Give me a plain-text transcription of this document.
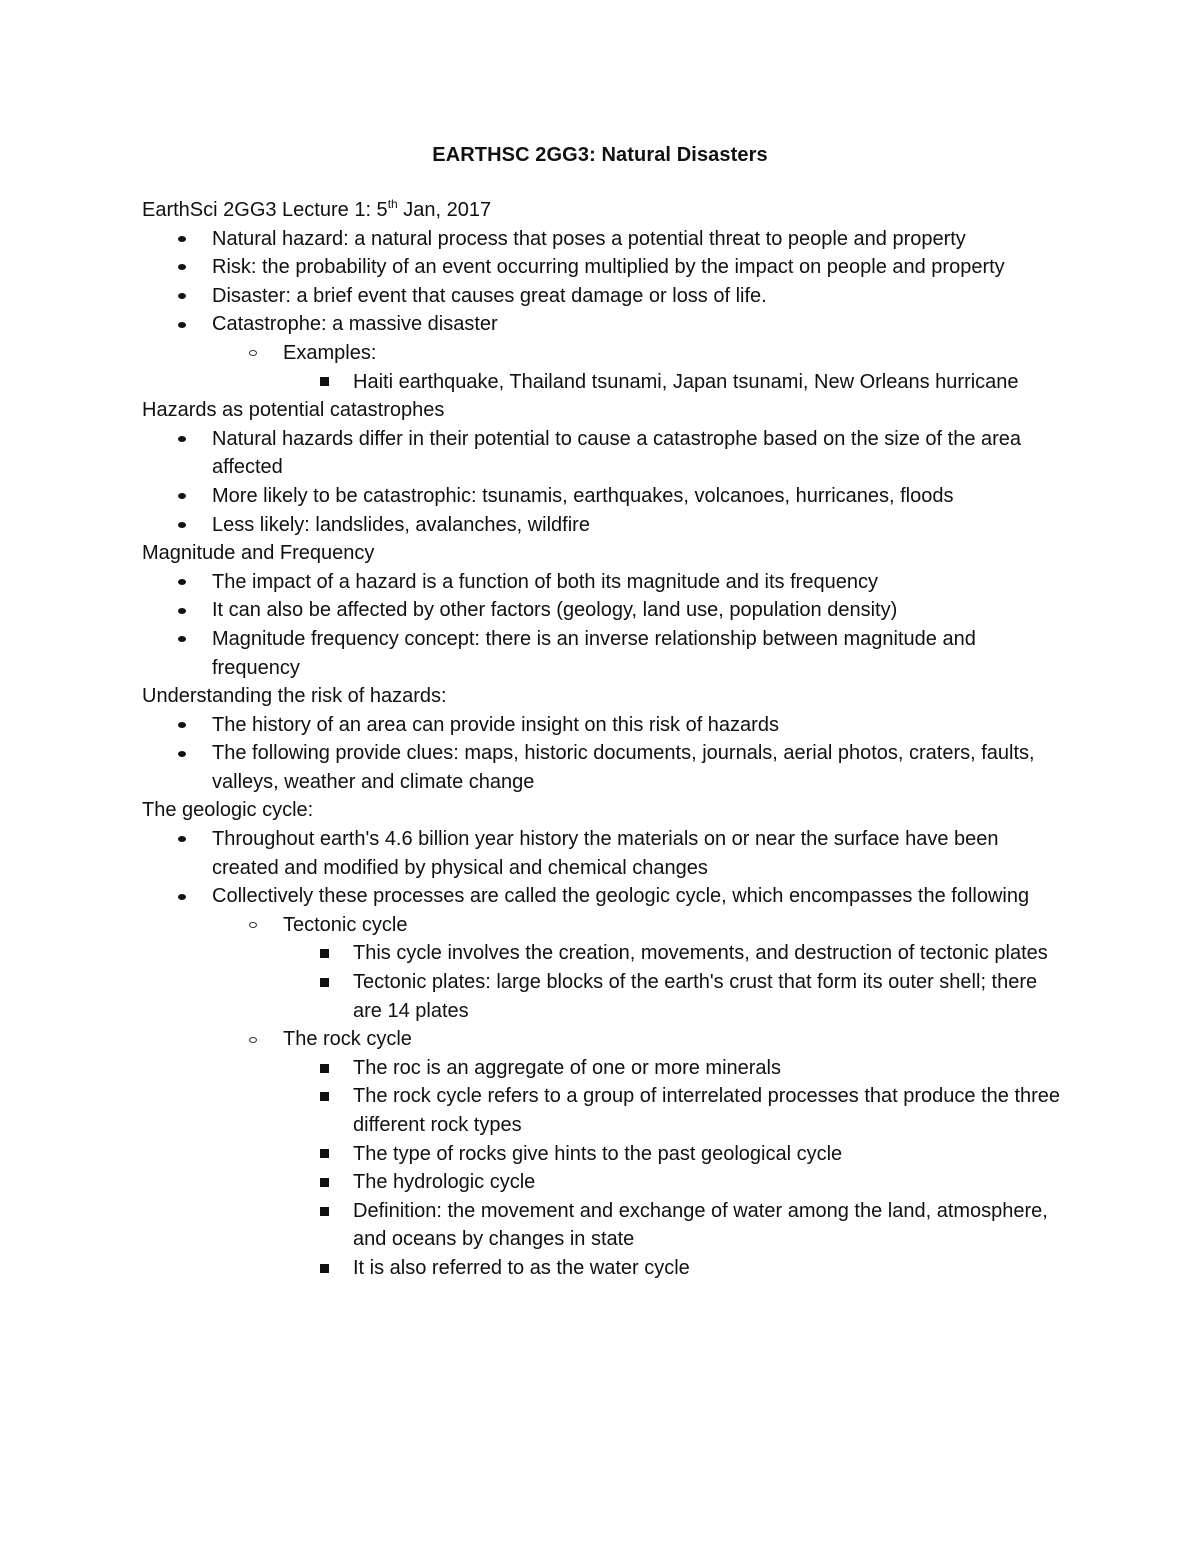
EARTHSC 2GG3: Natural Disasters
EarthSci 2GG3 Lecture 1: 5th Jan, 2017
Natural hazard: a natural process that poses a potential threat to people and property
Risk: the probability of an event occurring multiplied by the impact on people and property
Disaster: a brief event that causes great damage or loss of life.
Catastrophe: a massive disaster
Examples:
Haiti earthquake, Thailand tsunami, Japan tsunami, New Orleans hurricane
Hazards as potential catastrophes
Natural hazards differ in their potential to cause a catastrophe based on the size of the area affected
More likely to be catastrophic: tsunamis, earthquakes, volcanoes, hurricanes, floods
Less likely: landslides, avalanches, wildfire
Magnitude and Frequency
The impact of a hazard is a function of both its magnitude and its frequency
It can also be affected by other factors (geology, land use, population density)
Magnitude frequency concept: there is an inverse relationship between magnitude and frequency
Understanding the risk of hazards:
The history of an area can provide insight on this risk of hazards
The following provide clues: maps, historic documents, journals, aerial photos, craters, faults, valleys, weather and climate change
The geologic cycle:
Throughout earth's 4.6 billion year history the materials on or near the surface have been created and modified by physical and chemical changes
Collectively these processes are called the geologic cycle, which encompasses the following
Tectonic cycle
This cycle involves the creation, movements, and destruction of tectonic plates
Tectonic plates: large blocks of the earth's crust that form its outer shell; there are 14 plates
The rock cycle
The roc is an aggregate of one or more minerals
The rock cycle refers to a group of interrelated processes that produce the three different rock types
The type of rocks give hints to the past geological cycle
The hydrologic cycle
Definition: the movement and exchange of water among the land, atmosphere, and oceans by changes in state
It is also referred to as the water cycle
